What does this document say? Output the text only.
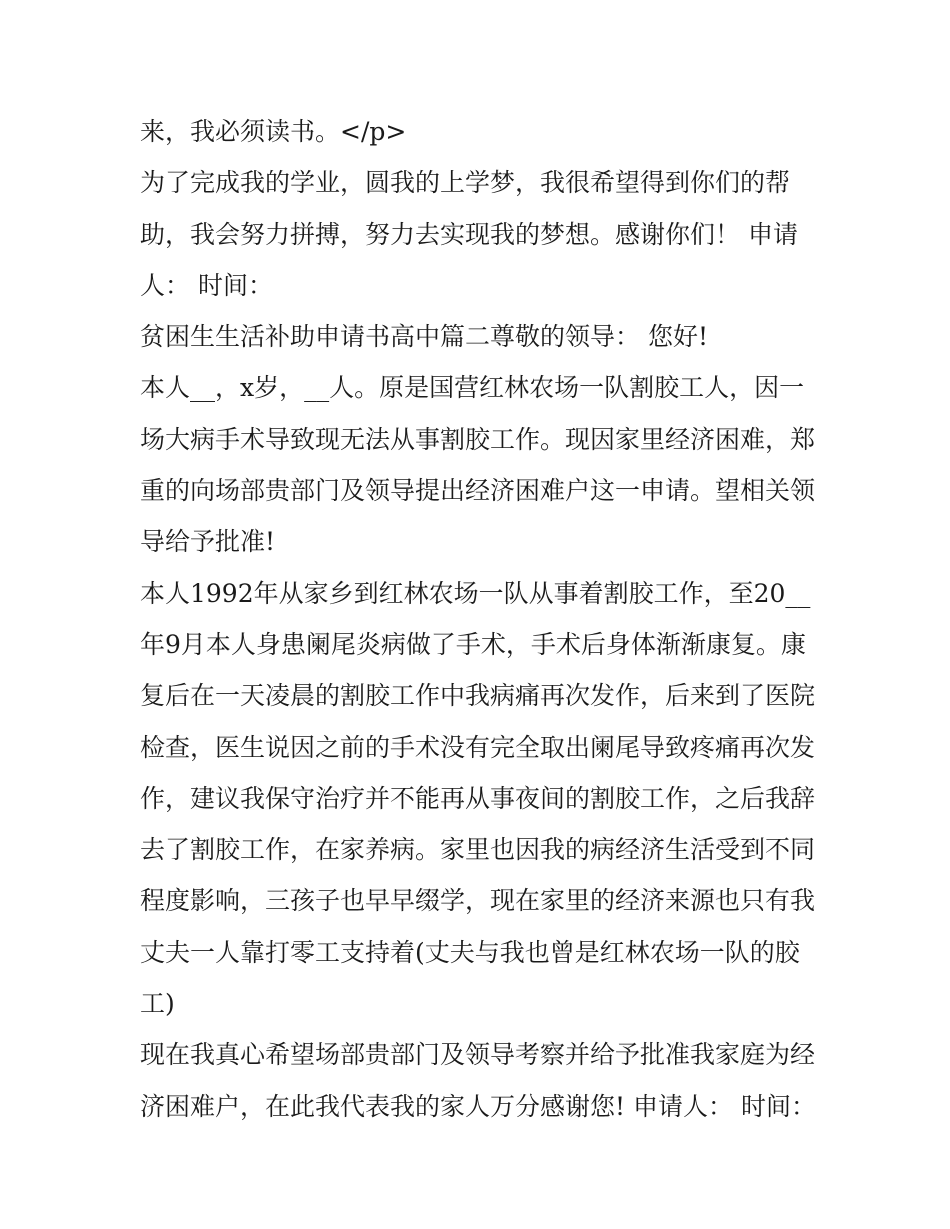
来，我必须读书。</p>

为了完成我的学业，圆我的上学梦，我很希望得到你们的帮助，我会努力拼搏，努力去实现我的梦想。感谢你们！ 申请人： 时间：

贫困生生活补助申请书高中篇二尊敬的领导： 您好!

本人__，x岁，__人。原是国营红林农场一队割胶工人，因一场大病手术导致现无法从事割胶工作。现因家里经济困难，郑重的向场部贵部门及领导提出经济困难户这一申请。望相关领导给予批准!

本人1992年从家乡到红林农场一队从事着割胶工作，至20__年9月本人身患阑尾炎病做了手术，手术后身体渐渐康复。康复后在一天凌晨的割胶工作中我病痛再次发作，后来到了医院检查，医生说因之前的手术没有完全取出阑尾导致疼痛再次发作，建议我保守治疗并不能再从事夜间的割胶工作，之后我辞去了割胶工作，在家养病。家里也因我的病经济生活受到不同程度影响，三孩子也早早缀学，现在家里的经济来源也只有我丈夫一人靠打零工支持着(丈夫与我也曾是红林农场一队的胶工)

现在我真心希望场部贵部门及领导考察并给予批准我家庭为经济困难户，在此我代表我的家人万分感谢您! 申请人： 时间：
